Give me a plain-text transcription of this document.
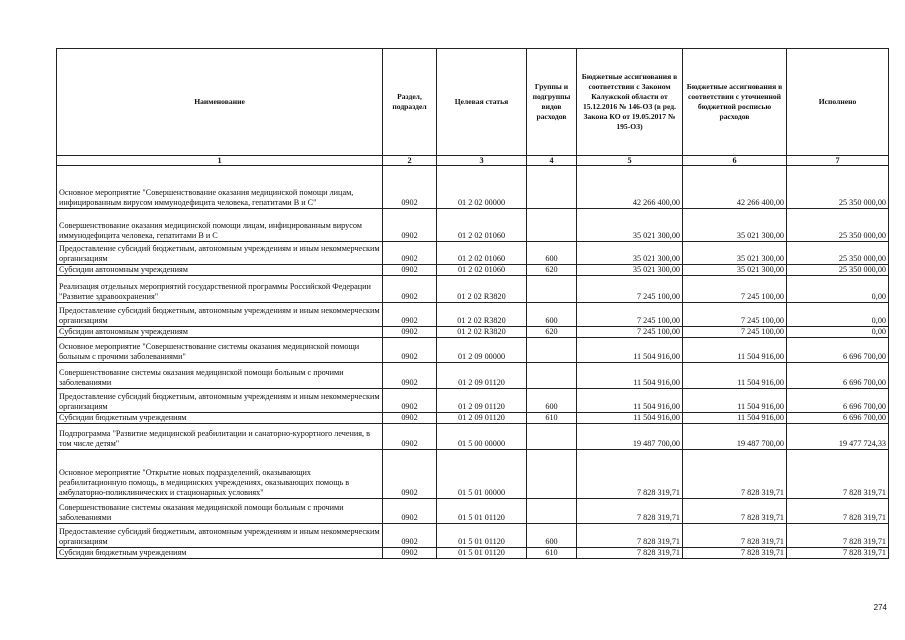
Наименование	Раздел, подраздел	Целевая статья	Группы и подгруппы видов расходов	Бюджетные ассигнования в соответствии с Законом Калужской области от 15.12.2016 № 146-ОЗ (в ред. Закона КО от 19.05.2017 № 195-ОЗ)	Бюджетные ассигнования в соответствии с уточненной бюджетной росписью расходов	Исполнено
1	2	3	4	5	6	7
Основное мероприятие "Совершенствование оказания медицинской помощи лицам, инфицированным вирусом иммунодефицита человека, гепатитами В и С"	0902	01 2 02 00000		42 266 400,00	42 266 400,00	25 350 000,00
Совершенствование оказания медицинской помощи лицам, инфицированным вирусом иммунодефицита человека, гепатитами В и С	0902	01 2 02 01060		35 021 300,00	35 021 300,00	25 350 000,00
Предоставление субсидий бюджетным, автономным учреждениям и иным некоммерческим организациям	0902	01 2 02 01060	600	35 021 300,00	35 021 300,00	25 350 000,00
Субсидии автономным учреждениям	0902	01 2 02 01060	620	35 021 300,00	35 021 300,00	25 350 000,00
Реализация отдельных мероприятий государственной программы Российской Федерации "Развитие здравоохранения"	0902	01 2 02 R3820		7 245 100,00	7 245 100,00	0,00
Предоставление субсидий бюджетным, автономным учреждениям и иным некоммерческим организациям	0902	01 2 02 R3820	600	7 245 100,00	7 245 100,00	0,00
Субсидии автономным учреждениям	0902	01 2 02 R3820	620	7 245 100,00	7 245 100,00	0,00
Основное мероприятие "Совершенствование системы оказания медицинской помощи больным с прочими заболеваниями"	0902	01 2 09 00000		11 504 916,00	11 504 916,00	6 696 700,00
Совершенствование системы оказания медицинской помощи больным с прочими заболеваниями	0902	01 2 09 01120		11 504 916,00	11 504 916,00	6 696 700,00
Предоставление субсидий бюджетным, автономным учреждениям и иным некоммерческим организациям	0902	01 2 09 01120	600	11 504 916,00	11 504 916,00	6 696 700,00
Субсидии бюджетным учреждениям	0902	01 2 09 01120	610	11 504 916,00	11 504 916,00	6 696 700,00
Подпрограмма "Развитие медицинской реабилитации и санаторно-курортного лечения, в том числе детям"	0902	01 5 00 00000		19 487 700,00	19 487 700,00	19 477 724,33
Основное мероприятие "Открытие новых подразделений, оказывающих реабилитационную помощь, в медицинских учреждениях, оказывающих помощь в амбулаторно-поликлинических и стационарных условиях"	0902	01 5 01 00000		7 828 319,71	7 828 319,71	7 828 319,71
Совершенствование системы оказания медицинской помощи больным с прочими заболеваниями	0902	01 5 01 01120		7 828 319,71	7 828 319,71	7 828 319,71
Предоставление субсидий бюджетным, автономным учреждениям и иным некоммерческим организациям	0902	01 5 01 01120	600	7 828 319,71	7 828 319,71	7 828 319,71
Субсидии бюджетным учреждениям	0902	01 5 01 01120	610	7 828 319,71	7 828 319,71	7 828 319,71
274
